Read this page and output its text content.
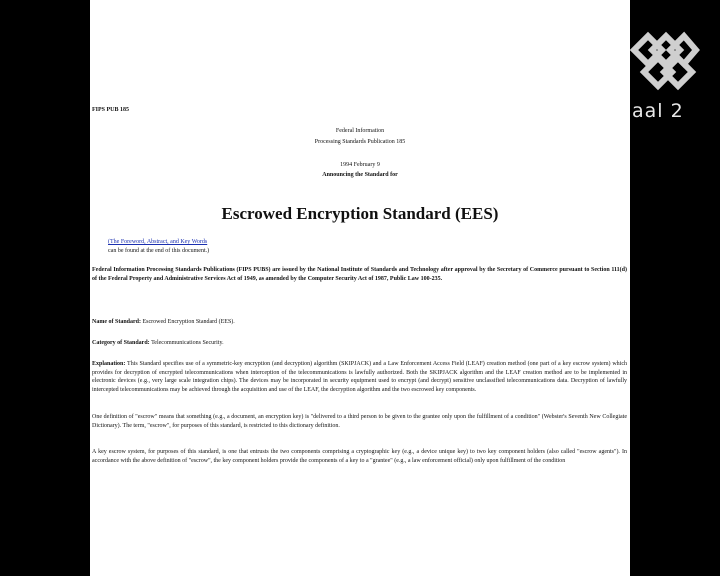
FIPS PUB 185
Federal Information
Processing Standards Publication 185
1994 February 9
Announcing the Standard for
Escrowed Encryption Standard (EES)
(The Foreword, Abstract, and Key Words
can be found at the end of this document.)
Federal Information Processing Standards Publications (FIPS PUBS) are issued by the National Institute of Standards and Technology after approval by the Secretary of Commerce pursuant to Section 111(d) of the Federal Property and Administrative Services Act of 1949, as amended by the Computer Security Act of 1987, Public Law 100-235.
Name of Standard: Escrowed Encryption Standard (EES).
Category of Standard: Telecommunications Security.
Explanation: This Standard specifies use of a symmetric-key encryption (and decryption) algorithm (SKIPJACK) and a Law Enforcement Access Field (LEAF) creation method (one part of a key escrow system) which provides for decryption of encrypted telecommunications when interception of the telecommunications is lawfully authorized. Both the SKIPJACK algorithm and the LEAF creation method are to be implemented in electronic devices (e.g., very large scale integration chips). The devices may be incorporated in security equipment used to encrypt (and decrypt) sensitive unclassified telecommunications data. Decryption of lawfully intercepted telecommunications may be achieved through the acquisition and use of the LEAF, the decryption algorithm and the two escrowed key components.
One definition of "escrow" means that something (e.g., a document, an encryption key) is "delivered to a third person to be given to the grantee only upon the fulfillment of a condition" (Webster's Seventh New Collegiate Dictionary). The term, "escrow", for purposes of this standard, is restricted to this dictionary definition.
A key escrow system, for purposes of this standard, is one that entrusts the two components comprising a cryptographic key (e.g., a device unique key) to two key component holders (also called "escrow agents"). In accordance with the above definition of "escrow", the key component holders provide the components of a key to a "grantee" (e.g., a law enforcement official) only upon fulfillment of the condition
aal 2
